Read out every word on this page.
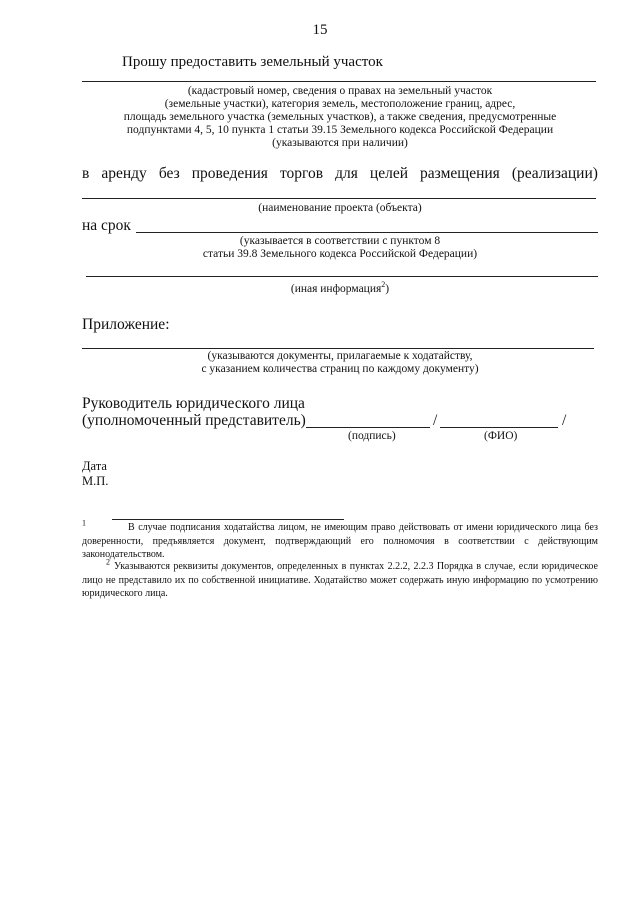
15
Прошу предоставить земельный участок
(кадастровый номер, сведения о правах на земельный участок
(земельные участки), категория земель, местоположение границ, адрес,
площадь земельного участка (земельных участков), а также сведения, предусмотренные
подпунктами 4, 5, 10 пункта 1 статьи 39.15 Земельного кодекса Российской Федерации
(указываются при наличии)
в аренду без проведения торгов для целей размещения (реализации)
(наименование проекта (объекта)
на срок
(указывается в соответствии с пунктом 8
статьи 39.8 Земельного кодекса Российской Федерации)
(иная информация$^2$)
Приложение:
(указываются документы, прилагаемые к ходатайству,
с указанием количества страниц по каждому документу)
Руководитель юридического лица
(уполномоченный представитель)	/	/
(подпись)	(ФИО)
Дата
М.П.
$^1$	В случае подписания ходатайства лицом, не имеющим право действовать от имени юридического лица без доверенности, предъявляется документ, подтверждающий его полномочия в соответствии с действующим законодательством.
$^2$ Указываются реквизиты документов, определенных в пунктах 2.2.2, 2.2.3 Порядка в случае, если юридическое лицо не представило их по собственной инициативе. Ходатайство может содержать иную информацию по усмотрению юридического лица.
